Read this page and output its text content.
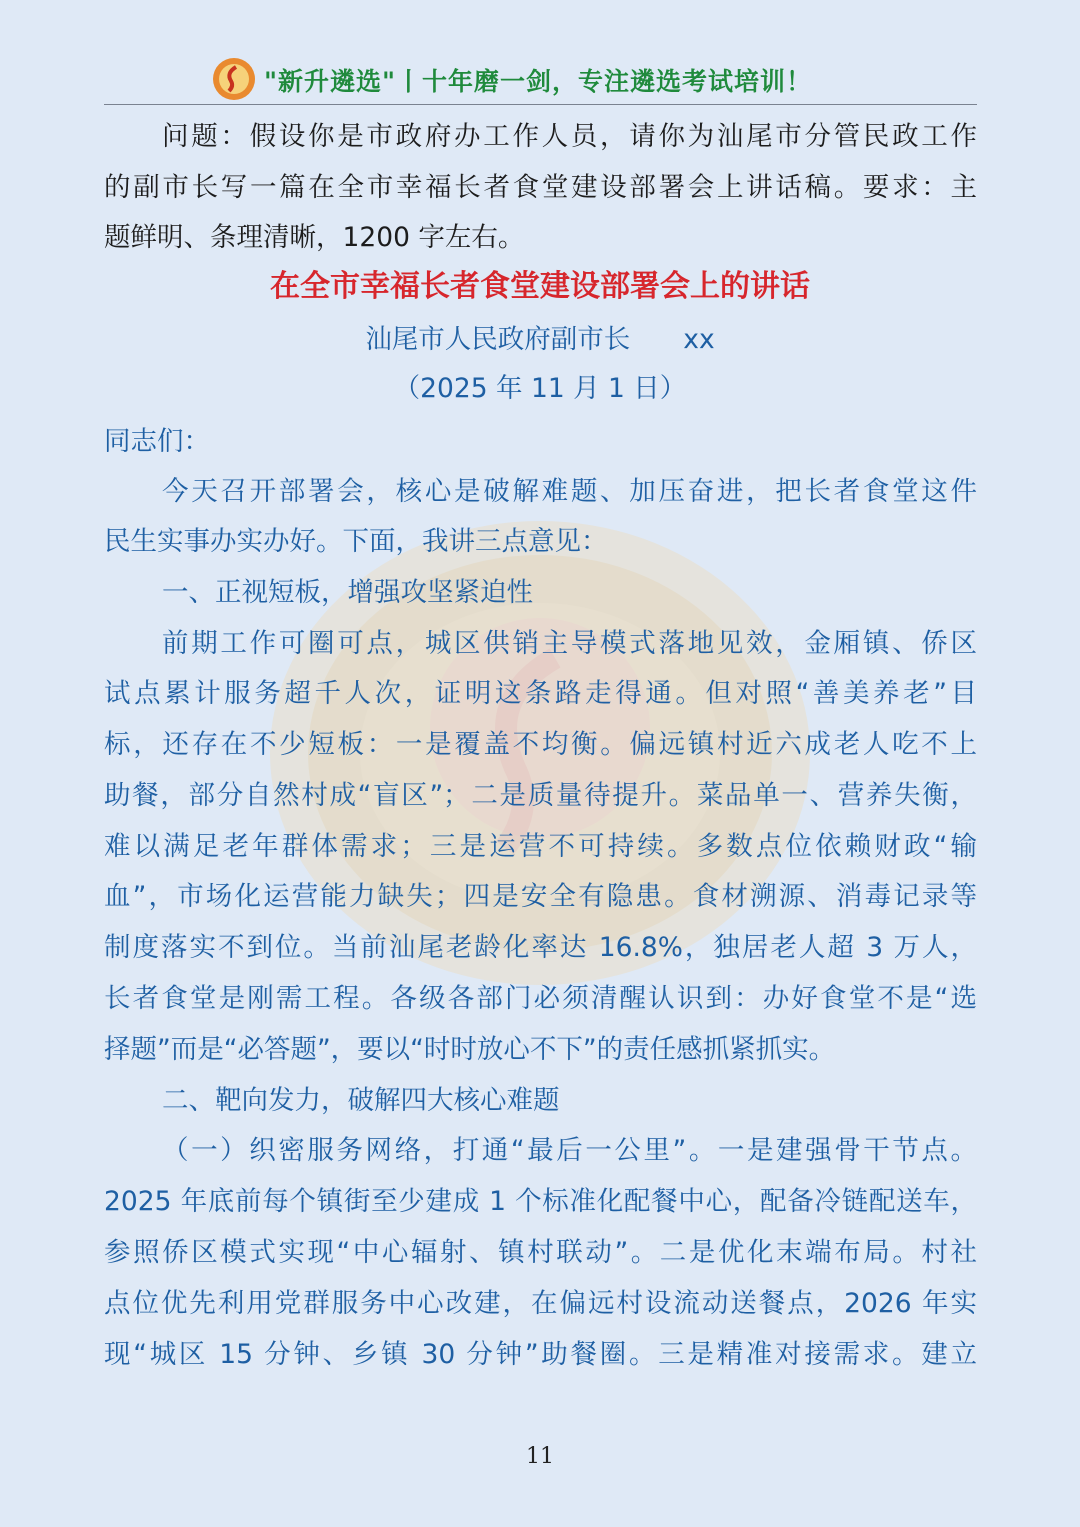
"新升遴选"丨十年磨一剑，专注遴选考试培训！
问题：假设你是市政府办工作人员，请你为汕尾市分管民政工作
的副市长写一篇在全市幸福长者食堂建设部署会上讲话稿。要求：主
题鲜明、条理清晰，1200 字左右。
在全市幸福长者食堂建设部署会上的讲话
汕尾市人民政府副市长　　xx
（2025 年 11 月 1 日）
同志们：
今天召开部署会，核心是破解难题、加压奋进，把长者食堂这件
民生实事办实办好。下面，我讲三点意见：
一、正视短板，增强攻坚紧迫性
前期工作可圈可点，城区供销主导模式落地见效，金厢镇、侨区
试点累计服务超千人次，证明这条路走得通。但对照“善美养老”目
标，还存在不少短板：一是覆盖不均衡。偏远镇村近六成老人吃不上
助餐，部分自然村成“盲区”；二是质量待提升。菜品单一、营养失衡，
难以满足老年群体需求；三是运营不可持续。多数点位依赖财政“输
血”，市场化运营能力缺失；四是安全有隐患。食材溯源、消毒记录等
制度落实不到位。当前汕尾老龄化率达 16.8%，独居老人超 3 万人，
长者食堂是刚需工程。各级各部门必须清醒认识到：办好食堂不是“选
择题”而是“必答题”，要以“时时放心不下”的责任感抓紧抓实。
二、靶向发力，破解四大核心难题
（一）织密服务网络，打通“最后一公里”。一是建强骨干节点。
2025 年底前每个镇街至少建成 1 个标准化配餐中心，配备冷链配送车，
参照侨区模式实现“中心辐射、镇村联动”。二是优化末端布局。村社
点位优先利用党群服务中心改建，在偏远村设流动送餐点，2026 年实
现“城区 15 分钟、乡镇 30 分钟”助餐圈。三是精准对接需求。建立
11
